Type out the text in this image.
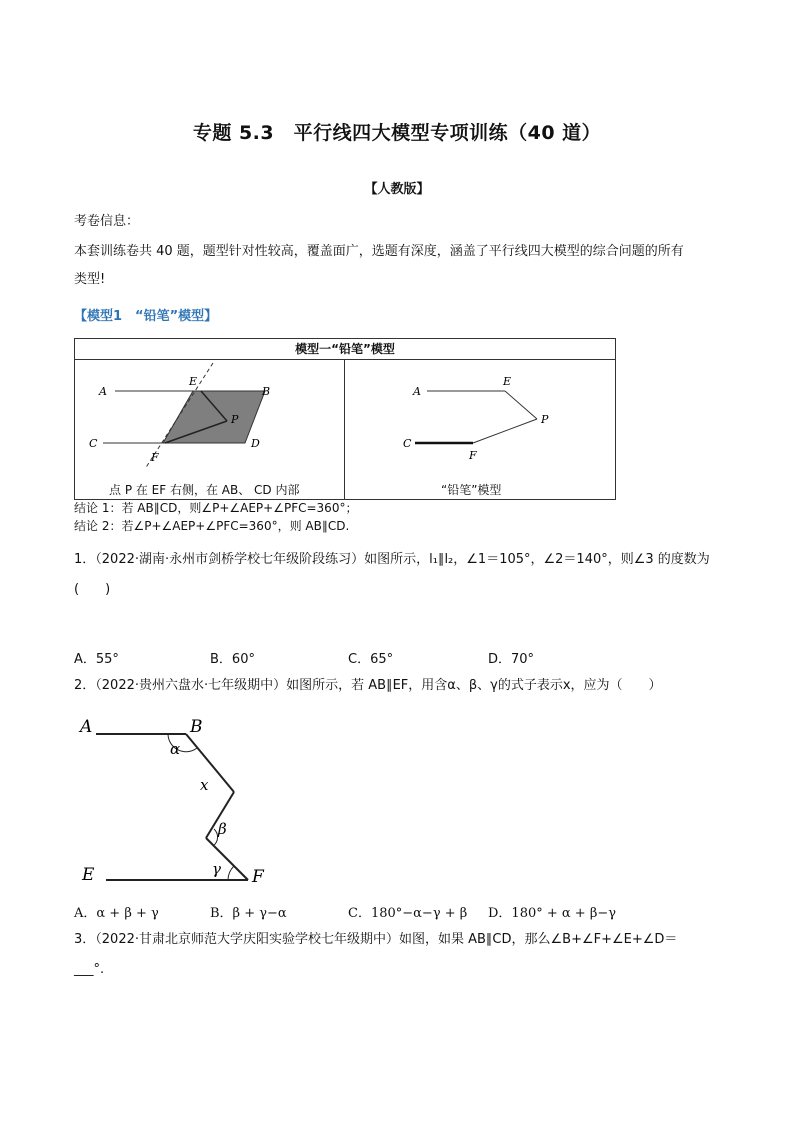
专题 5.3　平行线四大模型专项训练（40 道）
【人教版】
考卷信息：
本套训练卷共 40 题，题型针对性较高，覆盖面广，选题有深度，涵盖了平行线四大模型的综合问题的所有
类型!
【模型1　“铅笔”模型】
模型一“铅笔”模型
A
E
B
P
C
F
D
A
E
P
C
F
点 P 在 EF 右侧，在 AB、 CD 内部	“铅笔”模型
结论 1：若 AB∥CD，则∠P+∠AEP+∠PFC=360°；
结论 2：若∠P+∠AEP+∠PFC=360°，则 AB∥CD.
1．（2022·湖南·永州市剑桥学校七年级阶段练习）如图所示，l₁∥l₂，∠1＝105°，∠2＝140°，则∠3 的度数为
(　　)
A．55°	B．60°	C．65°	D．70°
2．（2022·贵州六盘水·七年级期中）如图所示，若 AB∥EF，用含α、β、γ的式子表示x，应为（　　）
A	B
α
x
β
γ
E	F
A．α + β + γ	B．β + γ−α	C．180°−α−γ + β D．180° + α + β−γ
3．（2022·甘肃北京师范大学庆阳实验学校七年级期中）如图，如果 AB∥CD，那么∠B+∠F+∠E+∠D＝
___°.
